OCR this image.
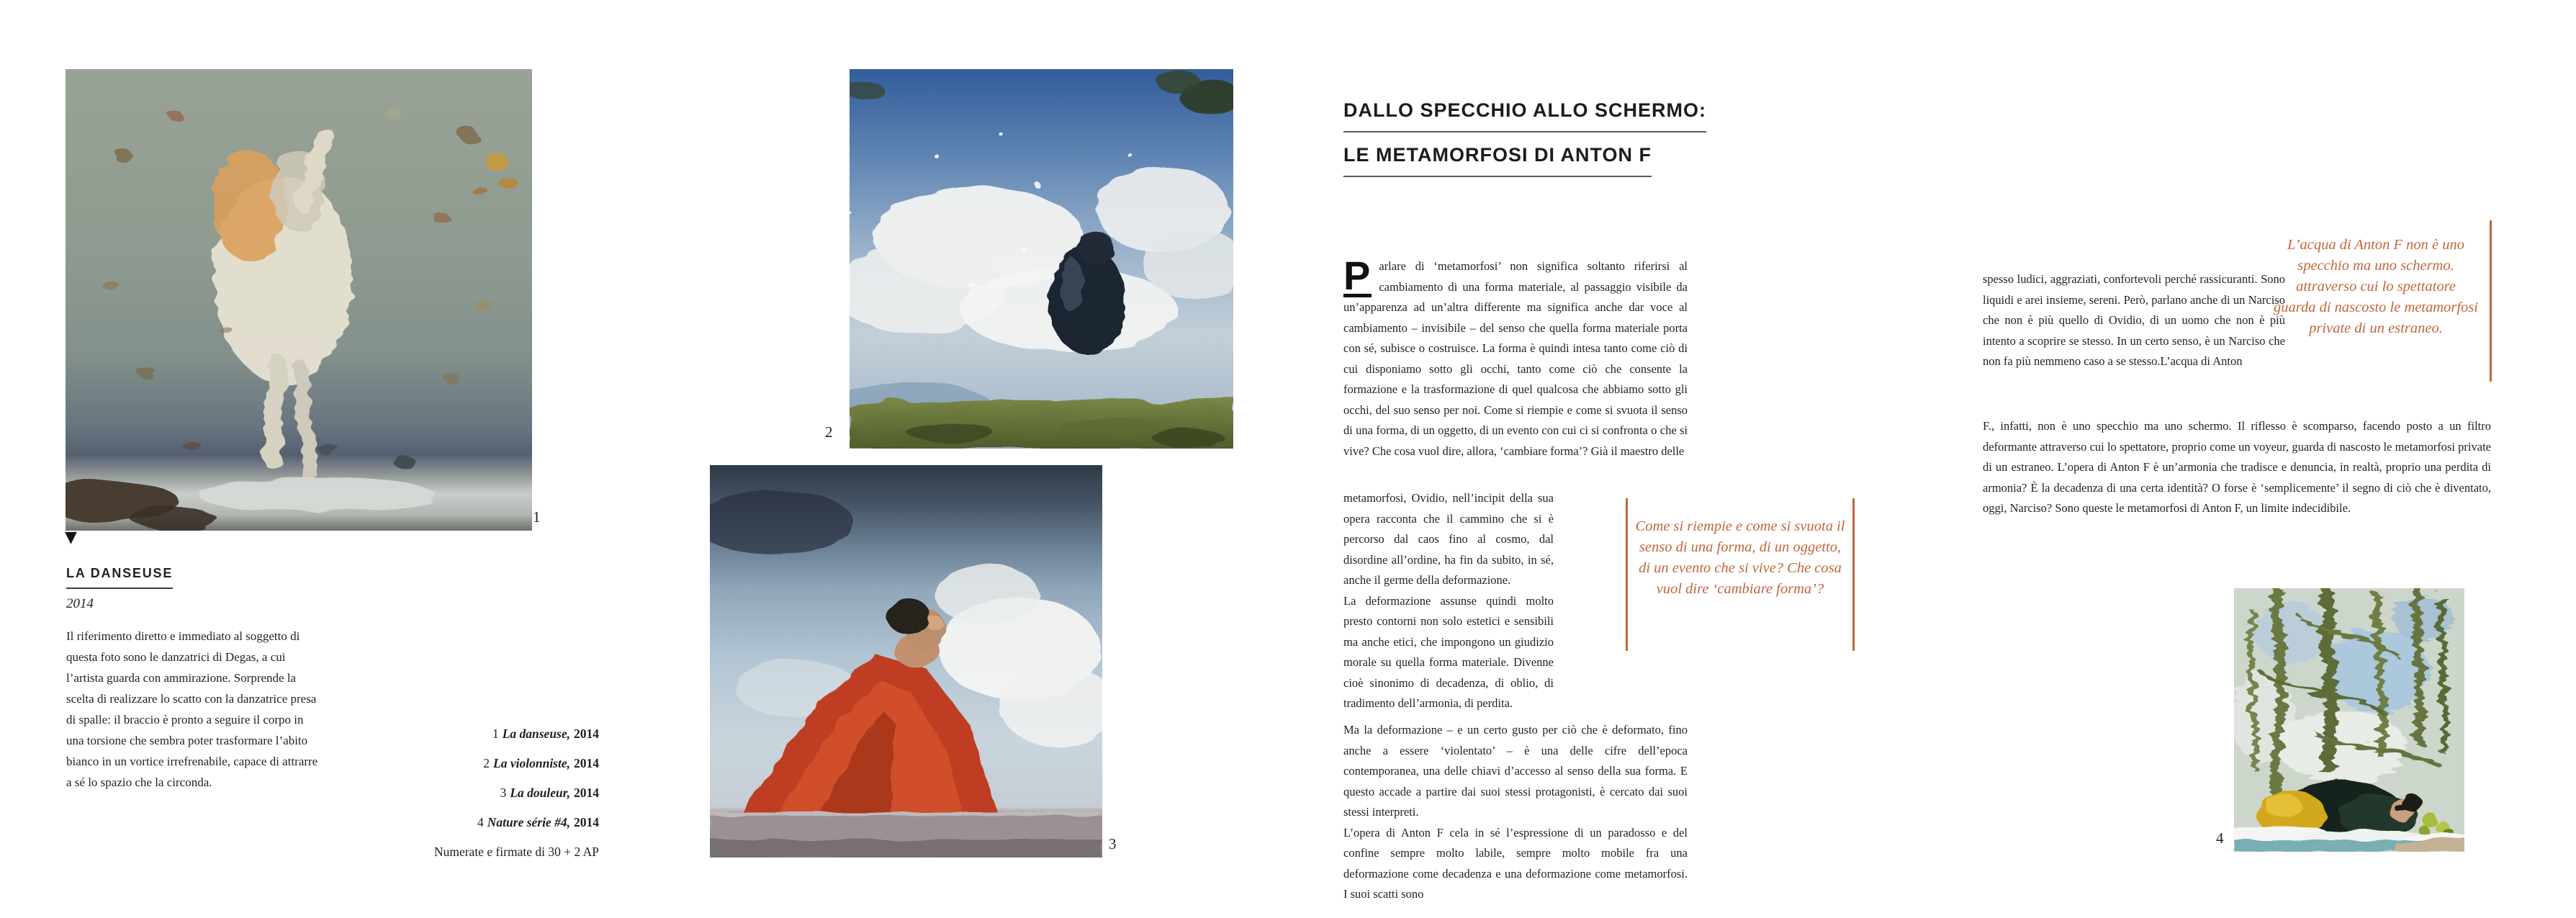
1
▼
LA DANSEUSE
2014
Il riferimento diretto e immediato al soggetto di questa foto sono le danzatrici di Degas, a cui l’artista guarda con ammirazione. Sorprende la scelta di realizzare lo scatto con la danzatrice presa di spalle: il braccio è pronto a seguire il corpo in una torsione che sembra poter trasformare l’abito bianco in un vortice irrefrenabile, capace di attrarre a sé lo spazio che la circonda.
1 La danseuse, 2014
2 La violonniste, 2014
3 La douleur, 2014
4 Nature série #4, 2014
Numerate e firmate di 30 + 2 AP
2
3
DALLO SPECCHIO ALLO SCHERMO:
LE METAMORFOSI DI ANTON F
P arlare di ‘metamorfosi’ non significa soltanto riferirsi al cambiamento di una forma materiale, al passaggio visibile da un’apparenza ad un’altra differente ma significa anche dar voce al cambiamento – invisibile – del senso che quella forma materiale porta con sé, subisce o costruisce. La forma è quindi intesa tanto come ciò di cui disponiamo sotto gli occhi, tanto come ciò che consente la formazione e la trasformazione di quel qualcosa che abbiamo sotto gli occhi, del suo senso per noi. Come si riempie e come si svuota il senso di una forma, di un oggetto, di un evento con cui ci si confronta o che si vive? Che cosa vuol dire, allora, ‘cambiare forma’? Già il maestro delle

metamorfosi, Ovidio, nell’incipit della sua opera racconta che il cammino che si è percorso dal caos fino al cosmo, dal disordine all’ordine, ha fin da subito, in sé, anche il germe della deformazione.

La deformazione assunse quindi molto presto contorni non solo estetici e sensibili ma anche etici, che impongono un giudizio morale su quella forma materiale. Divenne cioè sinonimo di decadenza, di oblio, di tradimento dell’armonia, di perdita.

Come si riempie e come si svuota il senso di una forma, di un oggetto, di un evento che si vive? Che cosa vuol dire ‘cambiare forma’?

Ma la deformazione – e un certo gusto per ciò che è deformato, fino anche a essere ‘violentato’ – è una delle cifre dell’epoca contemporanea, una delle chiavi d’accesso al senso della sua forma. E questo accade a partire dai suoi stessi protagonisti, è cercato dai suoi stessi interpreti.

L’opera di Anton F cela in sé l’espressione di un paradosso e del confine sempre molto labile, sempre molto mobile fra una deformazione come decadenza e una deformazione come metamorfosi. I suoi scatti sono

spesso ludici, aggraziati, confortevoli perché rassicuranti. Sono liquidi e arei insieme, sereni. Però, parlano anche di un Narciso che non è più quello di Ovidio, di un uomo che non è più intento a scoprire se stesso. In un certo senso, è un Narciso che non fa più nemmeno caso a se stesso.L’acqua di Anton
F., infatti, non è uno specchio ma uno schermo. Il riflesso è scomparso, facendo posto a un filtro deformante attraverso cui lo spettatore, proprio come un voyeur, guarda di nascosto le metamorfosi private di un estraneo. L’opera di Anton F è un’armonia che tradisce e denuncia, in realtà, proprio una perdita di armonia? È la decadenza di una certa identità? O forse è ‘semplicemente’ il segno di ciò che è diventato, oggi, Narciso? Sono queste le metamorfosi di Anton F, un limite indecidibile.
L’acqua di Anton F non è uno specchio ma uno schermo. attraverso cui lo spettatore guarda di nascosto le metamorfosi private di un estraneo.
4
